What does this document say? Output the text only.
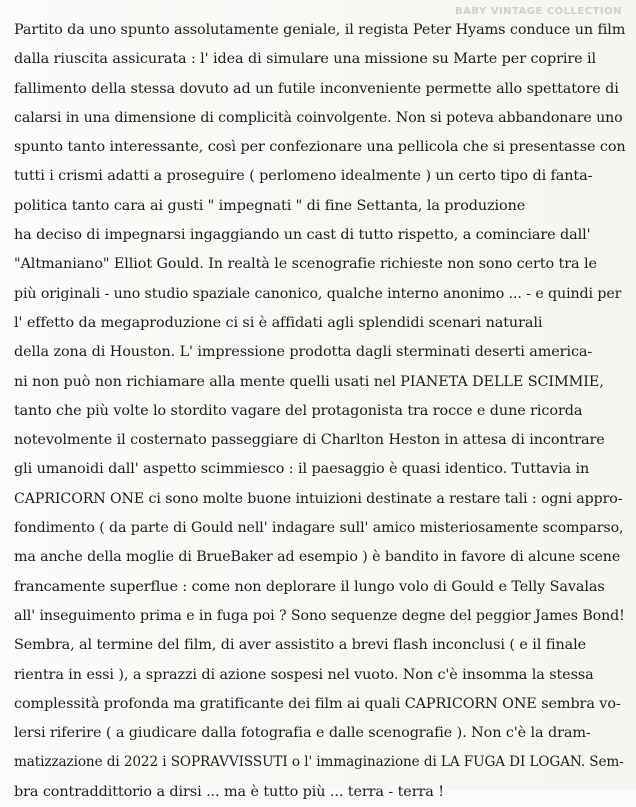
BABY VINTAGE COLLECTION
Partito da uno spunto assolutamente geniale, il regista Peter Hyams conduce un film
dalla riuscita assicurata : l' idea di simulare una missione su Marte per coprire il
fallimento della stessa dovuto ad un futile inconveniente permette allo spettatore di
calarsi in una dimensione di complicità coinvolgente. Non si poteva abbandonare uno
spunto tanto interessante, così per confezionare una pellicola che si presentasse con
tutti i crismi adatti a proseguire ( perlomeno idealmente ) un certo tipo di fanta-
politica tanto cara ai gusti " impegnati " di fine Settanta, la produzione
ha deciso di impegnarsi ingaggiando un cast di tutto rispetto, a cominciare dall'
"Altmaniano" Elliot Gould. In realtà le scenografie richieste non sono certo tra le
più originali - uno studio spaziale canonico, qualche interno anonimo ... - e quindi per
l' effetto da megaproduzione ci si è affidati agli splendidi scenari naturali
della zona di Houston. L' impressione prodotta dagli sterminati deserti america-
ni non può non richiamare alla mente quelli usati nel PIANETA DELLE SCIMMIE,
tanto che più volte lo stordito vagare del protagonista tra rocce e dune ricorda
notevolmente il costernato passeggiare di Charlton Heston in attesa di incontrare
gli umanoidi dall' aspetto scimmiesco : il paesaggio è quasi identico. Tuttavia in
CAPRICORN ONE ci sono molte buone intuizioni destinate a restare tali : ogni appro-
fondimento ( da parte di Gould nell' indagare sull' amico misteriosamente scomparso,
ma anche della moglie di BrueBaker ad esempio ) è bandito in favore di alcune scene
francamente superflue : come non deplorare il lungo volo di Gould e Telly Savalas
all' inseguimento prima e in fuga poi ? Sono sequenze degne del peggior James Bond!
Sembra, al termine del film, di aver assistito a brevi flash inconclusi ( e il finale
rientra in essi ), a sprazzi di azione sospesi nel vuoto. Non c'è insomma la stessa
complessità profonda ma gratificante dei film ai quali CAPRICORN ONE sembra vo-
lersi riferire ( a giudicare dalla fotografia e dalle scenografie ). Non c'è la dram-
matizzazione di 2022 i SOPRAVVISSUTI o l' immaginazione di LA FUGA DI LOGAN. Sem-
bra contraddittorio a dirsi ... ma è tutto più ... terra - terra !
